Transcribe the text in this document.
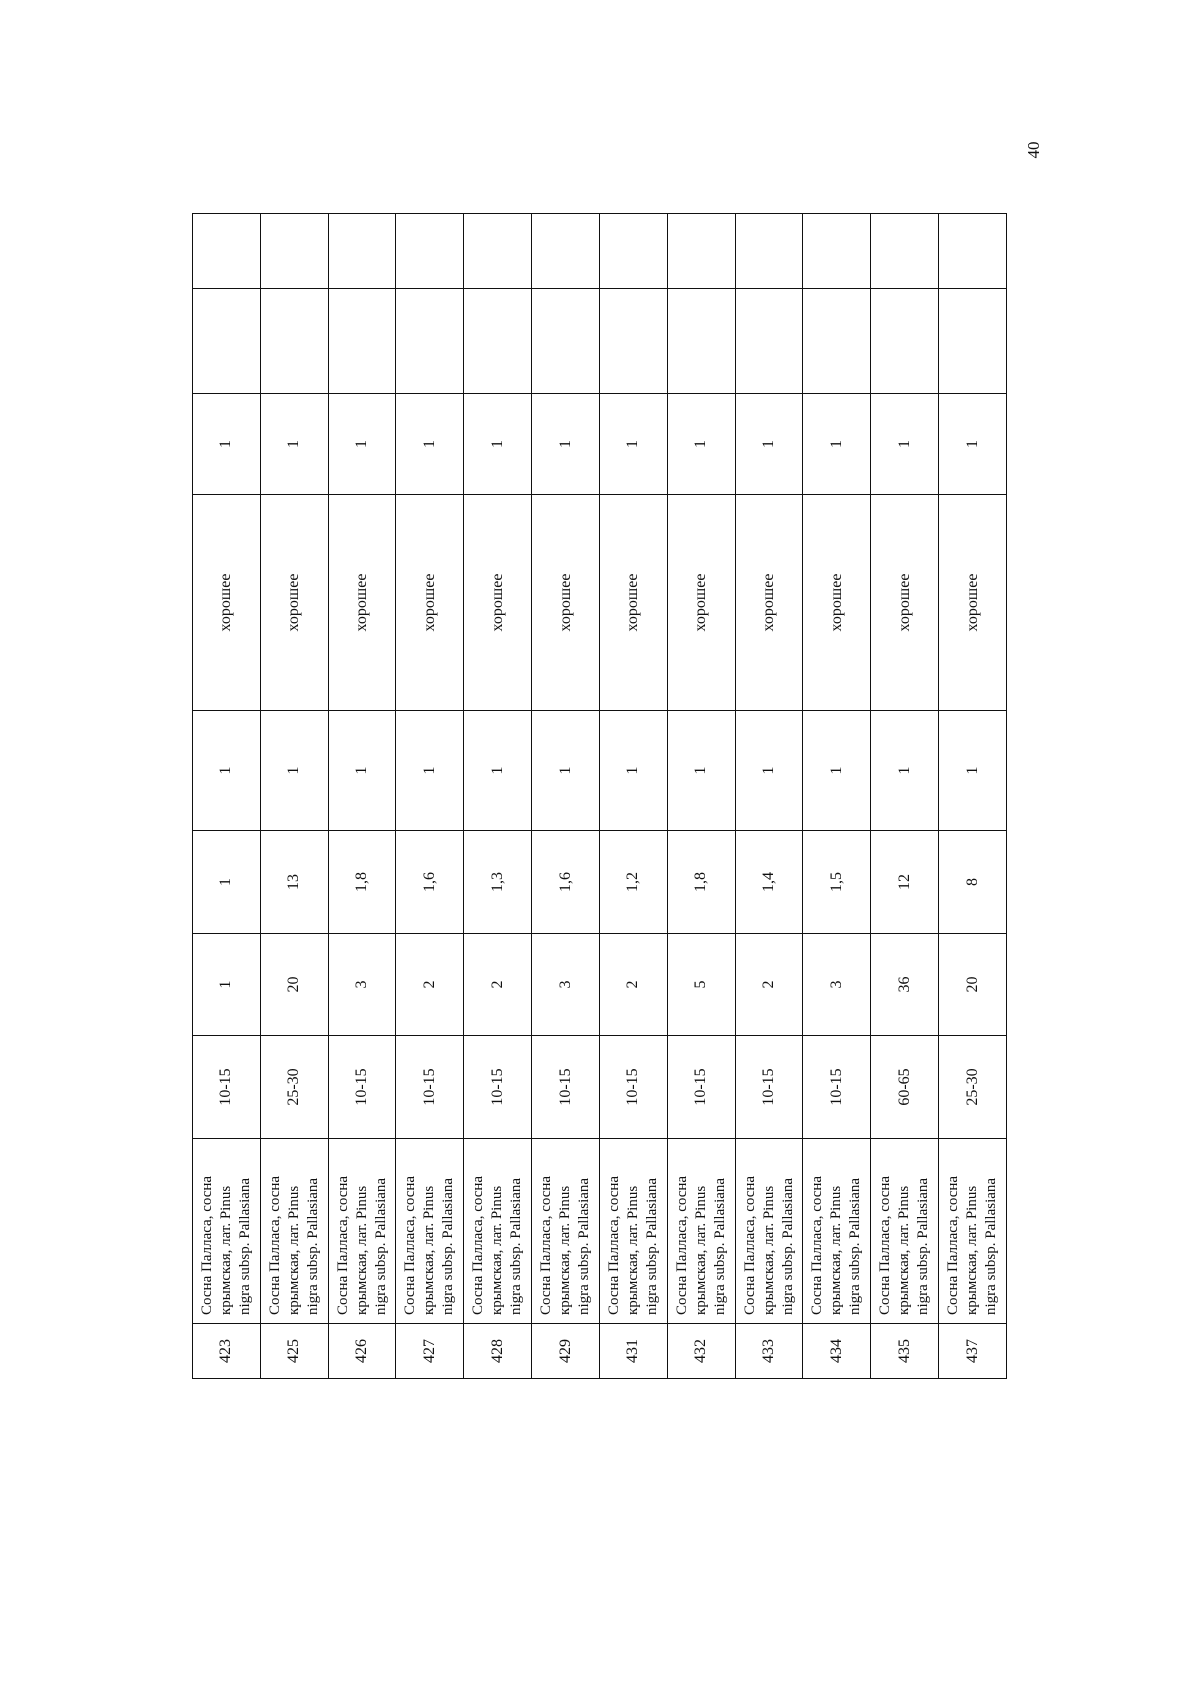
40
423	Сосна Палласа, сосна крымская, лат. Pinus nigra subsp. Pallasiana	10-15	1	1	1	хорошее	1		
425	Сосна Палласа, сосна крымская, лат. Pinus nigra subsp. Pallasiana	25-30	20	13	1	хорошее	1		
426	Сосна Палласа, сосна крымская, лат. Pinus nigra subsp. Pallasiana	10-15	3	1,8	1	хорошее	1		
427	Сосна Палласа, сосна крымская, лат. Pinus nigra subsp. Pallasiana	10-15	2	1,6	1	хорошее	1		
428	Сосна Палласа, сосна крымская, лат. Pinus nigra subsp. Pallasiana	10-15	2	1,3	1	хорошее	1		
429	Сосна Палласа, сосна крымская, лат. Pinus nigra subsp. Pallasiana	10-15	3	1,6	1	хорошее	1		
431	Сосна Палласа, сосна крымская, лат. Pinus nigra subsp. Pallasiana	10-15	2	1,2	1	хорошее	1		
432	Сосна Палласа, сосна крымская, лат. Pinus nigra subsp. Pallasiana	10-15	5	1,8	1	хорошее	1		
433	Сосна Палласа, сосна крымская, лат. Pinus nigra subsp. Pallasiana	10-15	2	1,4	1	хорошее	1		
434	Сосна Палласа, сосна крымская, лат. Pinus nigra subsp. Pallasiana	10-15	3	1,5	1	хорошее	1		
435	Сосна Палласа, сосна крымская, лат. Pinus nigra subsp. Pallasiana	60-65	36	12	1	хорошее	1		
437	Сосна Палласа, сосна крымская, лат. Pinus nigra subsp. Pallasiana	25-30	20	8	1	хорошее	1		
